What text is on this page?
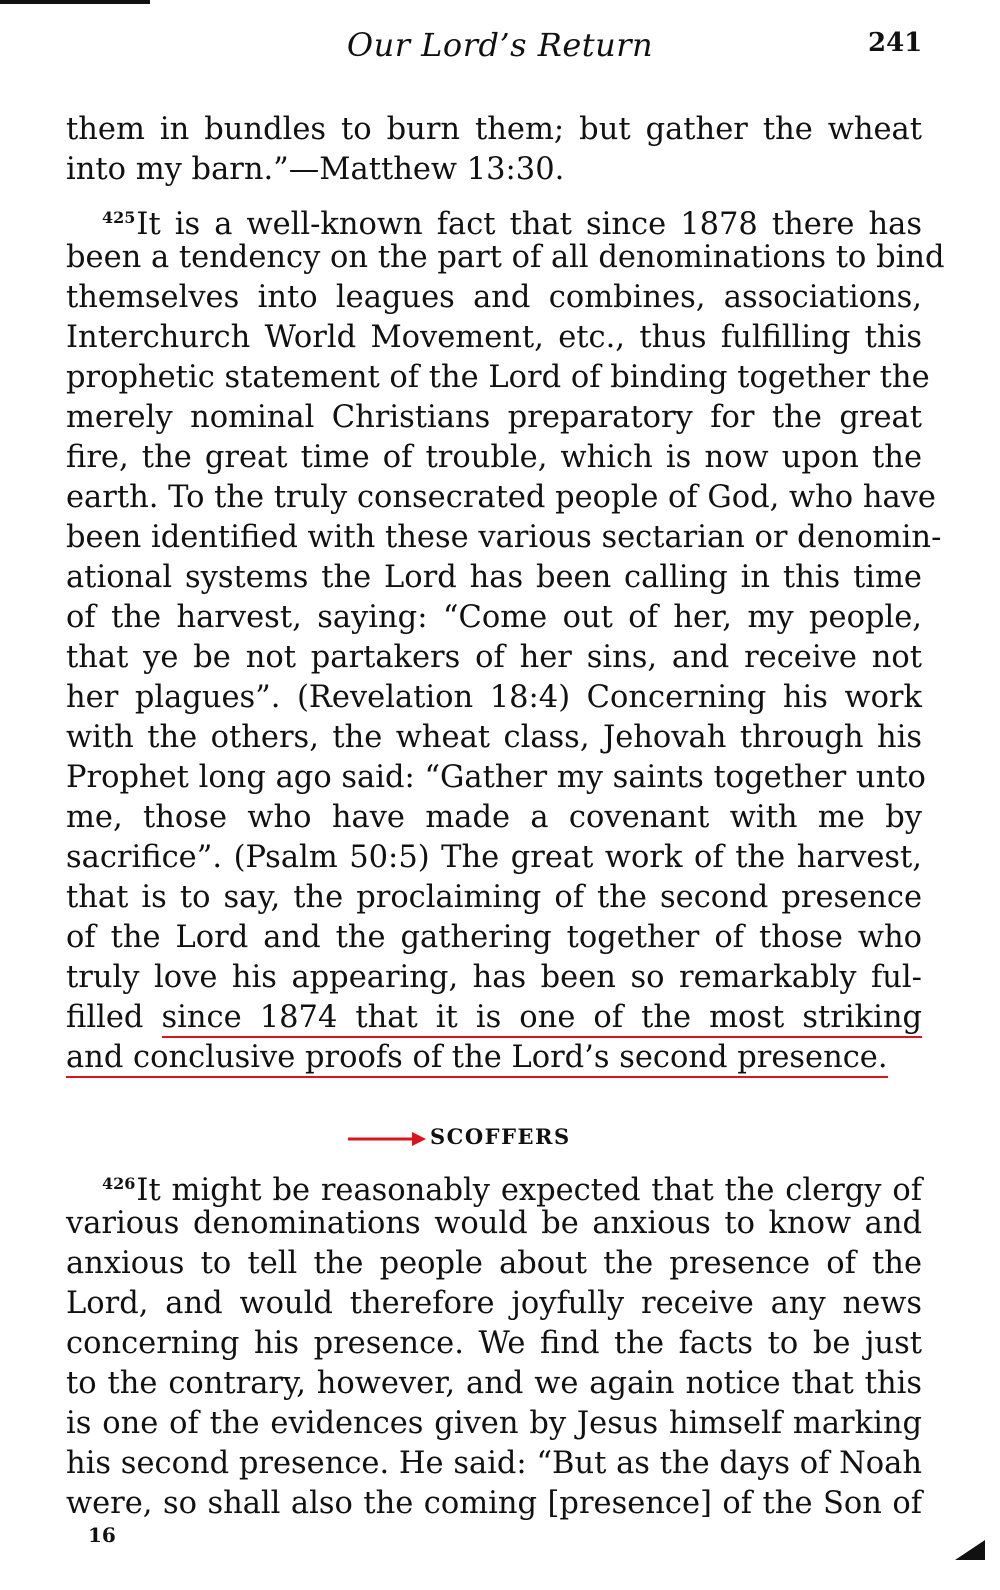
Our Lord’s Return	241
them in bundles to burn them; but gather the wheat
into my barn.”—Matthew 13:30.
$^{425}$It is a well-known fact that since 1878 there has
been a tendency on the part of all denominations to bind
themselves into leagues and combines, associations,
Interchurch World Movement, etc., thus fulfilling this
prophetic statement of the Lord of binding together the
merely nominal Christians preparatory for the great
fire, the great time of trouble, which is now upon the
earth. To the truly consecrated people of God, who have
been identified with these various sectarian or denomin-
ational systems the Lord has been calling in this time
of the harvest, saying: “Come out of her, my people,
that ye be not partakers of her sins, and receive not
her plagues”. (Revelation 18:4) Concerning his work
with the others, the wheat class, Jehovah through his
Prophet long ago said: “Gather my saints together unto
me, those who have made a covenant with me by
sacrifice”. (Psalm 50:5) The great work of the harvest,
that is to say, the proclaiming of the second presence
of the Lord and the gathering together of those who
truly love his appearing, has been so remarkably ful-
filled since 1874 that it is one of the most striking
and conclusive proofs of the Lord’s second presence.
SCOFFERS
$^{426}$It might be reasonably expected that the clergy of
various denominations would be anxious to know and
anxious to tell the people about the presence of the
Lord, and would therefore joyfully receive any news
concerning his presence. We find the facts to be just
to the contrary, however, and we again notice that this
is one of the evidences given by Jesus himself marking
his second presence. He said: “But as the days of Noah
were, so shall also the coming [presence] of the Son of
16
